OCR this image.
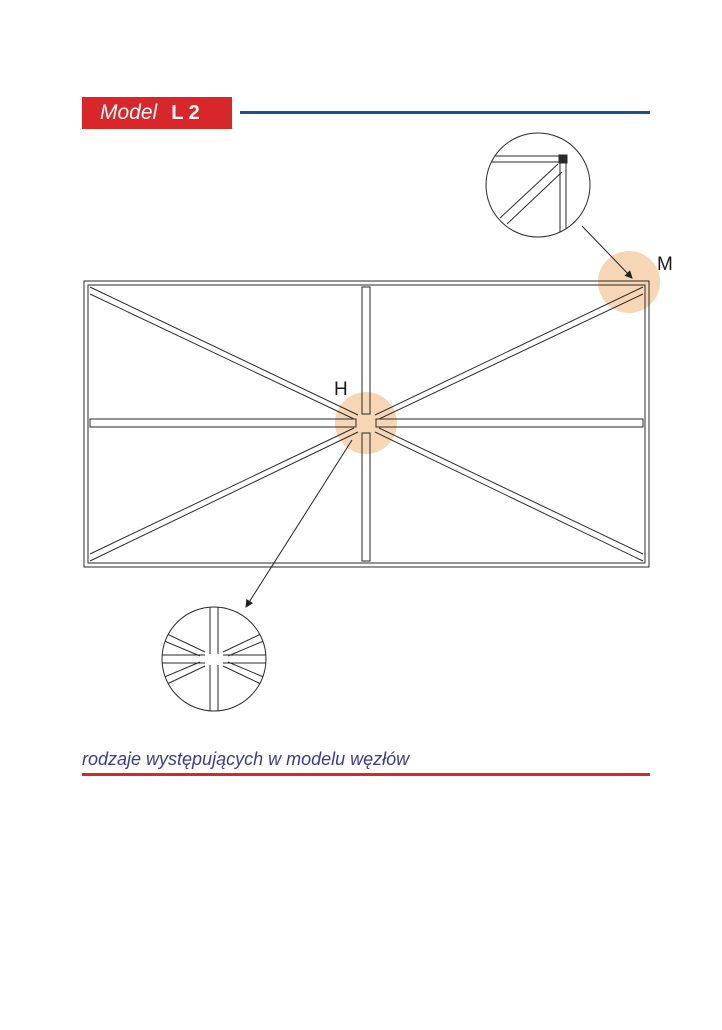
Model L 2
M
H
rodzaje występujących w modelu węzłów
